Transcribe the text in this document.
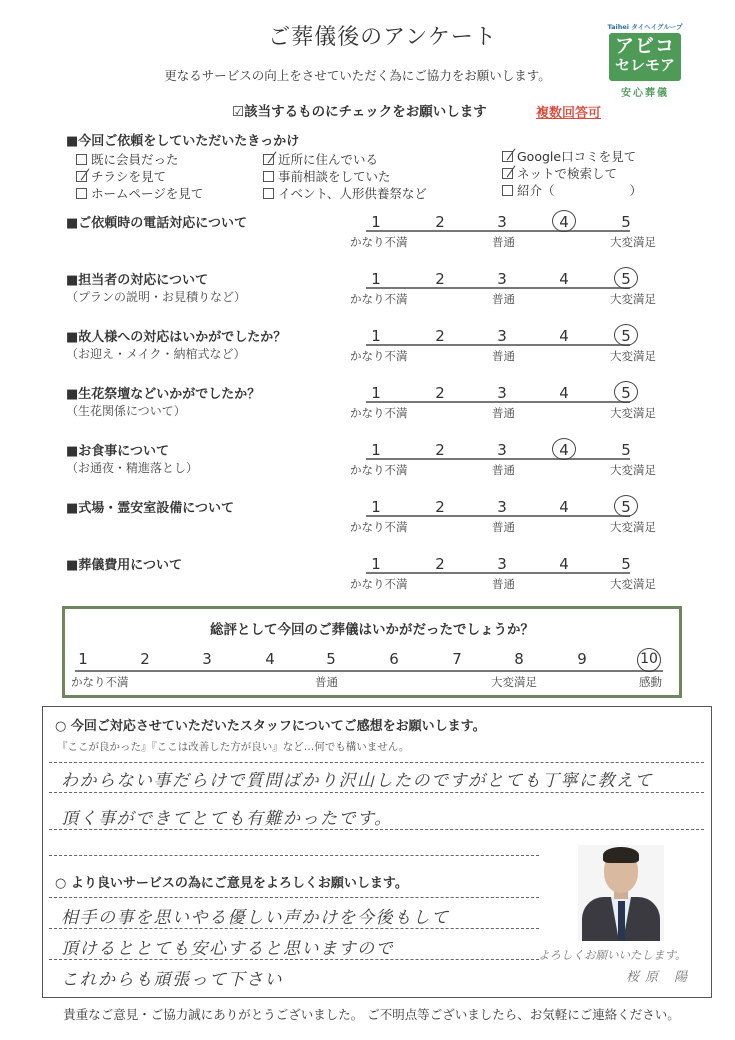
ご葬儀後のアンケート
更なるサービスの向上をさせていただく為にご協力をお願いします。
☑該当するものにチェックをお願いします	複数回答可
Taihei タイヘイグループ
アビコ
セレモア
安心葬儀
■今回ご依頼をしていただいたきっかけ
既に会員だった
チラシを見て
ホームページを見て
近所に住んでいる
事前相談をしていた
イベント、人形供養祭など
Google口コミを見て
ネットで検索して
紹介（　　　　　　）
■ご依頼時の電話対応について	1	2	3	4	5
かなり不満	普通	大変満足
■担当者の対応について
（プランの説明・お見積りなど）
1	2	3	4	5
かなり不満	普通	大変満足
■故人様への対応はいかがでしたか？
（お迎え・メイク・納棺式など）
1	2	3	4	5
かなり不満	普通	大変満足
■生花祭壇などいかがでしたか？
（生花関係について）
1	2	3	4	5
かなり不満	普通	大変満足
■お食事について
（お通夜・精進落とし）
1	2	3	4	5
かなり不満	普通	大変満足
■式場・霊安室設備について	1	2	3	4	5
かなり不満	普通	大変満足
■葬儀費用について	1	2	3	4	5
かなり不満	普通	大変満足
総評として今回のご葬儀はいかがだったでしょうか？
1	2	3	4	5	6	7	8	9	10
かなり不満	普通	大変満足	感動
○ 今回ご対応させていただいたスタッフについてご感想をお願いします。
『ここが良かった』『ここは改善した方が良い』など…何でも構いません。
わからない事だらけで質問ばかり沢山したのですがとても丁寧に教えて
頂く事ができてとても有難かったです。
○ より良いサービスの為にご意見をよろしくお願いします。
相手の事を思いやる優しい声かけを今後もして
頂けるととても安心すると思いますので
これからも頑張って下さい
よろしくお願いいたします。
桜原 陽
貴重なご意見・ご協力誠にありがとうございました。 ご不明点等ございましたら、お気軽にご連絡ください。
